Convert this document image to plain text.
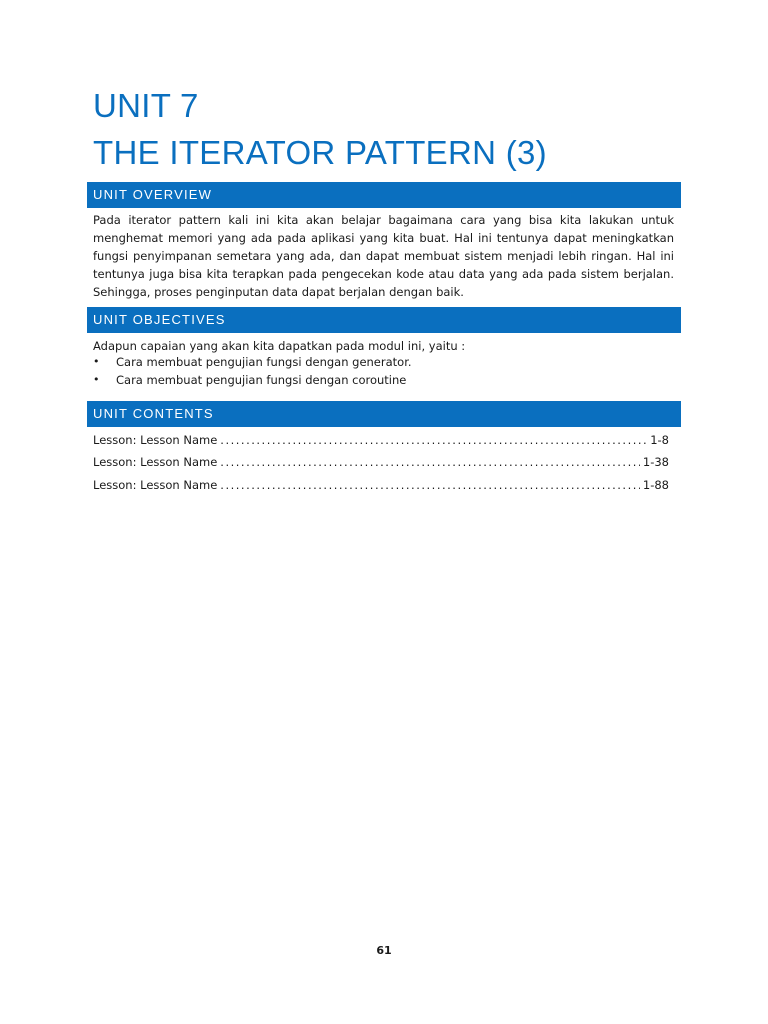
UNIT 7
THE ITERATOR PATTERN (3)
UNIT OVERVIEW
Pada iterator pattern kali ini kita akan belajar bagaimana cara yang bisa kita lakukan untuk
menghemat memori yang ada pada aplikasi yang kita buat. Hal ini tentunya dapat meningkatkan
fungsi penyimpanan semetara yang ada, dan dapat membuat sistem menjadi lebih ringan. Hal ini
tentunya juga bisa kita terapkan pada pengecekan kode atau data yang ada pada sistem berjalan.
Sehingga, proses penginputan data dapat berjalan dengan baik.
UNIT OBJECTIVES
Adapun capaian yang akan kita dapatkan pada modul ini, yaitu :
• Cara membuat pengujian fungsi dengan generator.
• Cara membuat pengujian fungsi dengan coroutine
UNIT CONTENTS
Lesson: Lesson Name .....	1-8
Lesson: Lesson Name .....	1-38
Lesson: Lesson Name .....	1-88
61
